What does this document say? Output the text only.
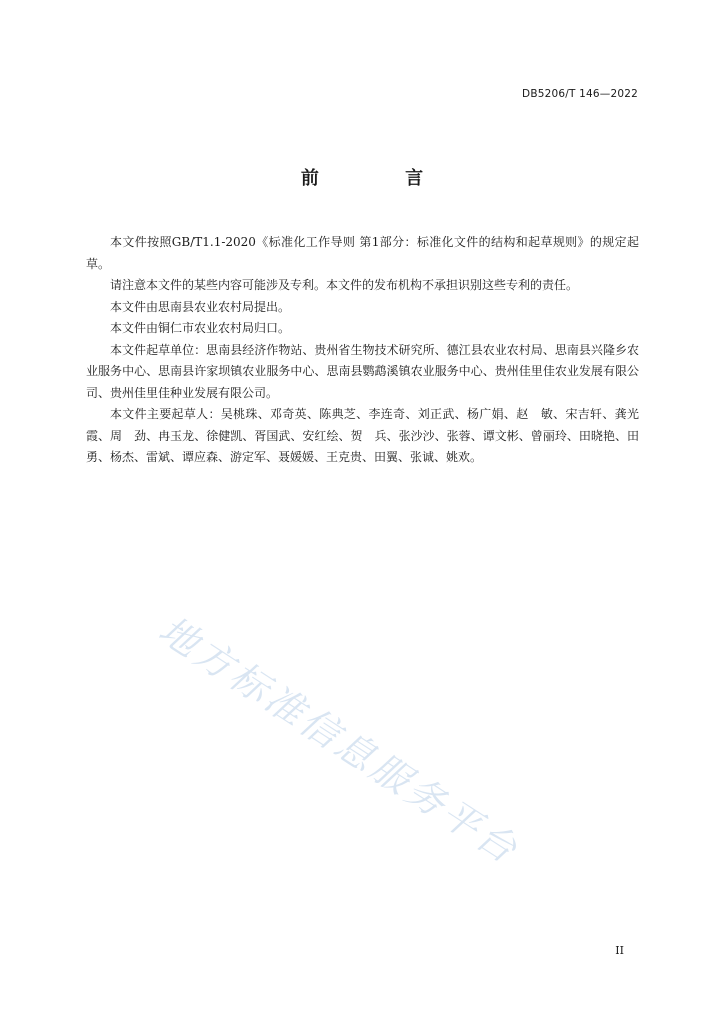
DB5206/T 146—2022
前 言

本文件按照GB/T1.1-2020《标准化工作导则 第1部分：标准化文件的结构和起草规则》的规定起草。

请注意本文件的某些内容可能涉及专利。本文件的发布机构不承担识别这些专利的责任。

本文件由思南县农业农村局提出。

本文件由铜仁市农业农村局归口。

本文件起草单位：思南县经济作物站、贵州省生物技术研究所、德江县农业农村局、思南县兴隆乡农业服务中心、思南县许家坝镇农业服务中心、思南县鹦鹉溪镇农业服务中心、贵州佳里佳农业发展有限公司、贵州佳里佳种业发展有限公司。

本文件主要起草人：吴桃珠、邓奇英、陈典芝、李连奇、刘正武、杨广娟、赵　敏、宋吉轩、龚光霞、周　劲、冉玉龙、徐健凯、胥国武、安红绘、贺　兵、张沙沙、张蓉、谭文彬、曾丽玲、田晓艳、田勇、杨杰、雷斌、谭应森、游定军、聂媛媛、王克贵、田翼、张诚、姚欢。

地方标准信息服务平台
II
